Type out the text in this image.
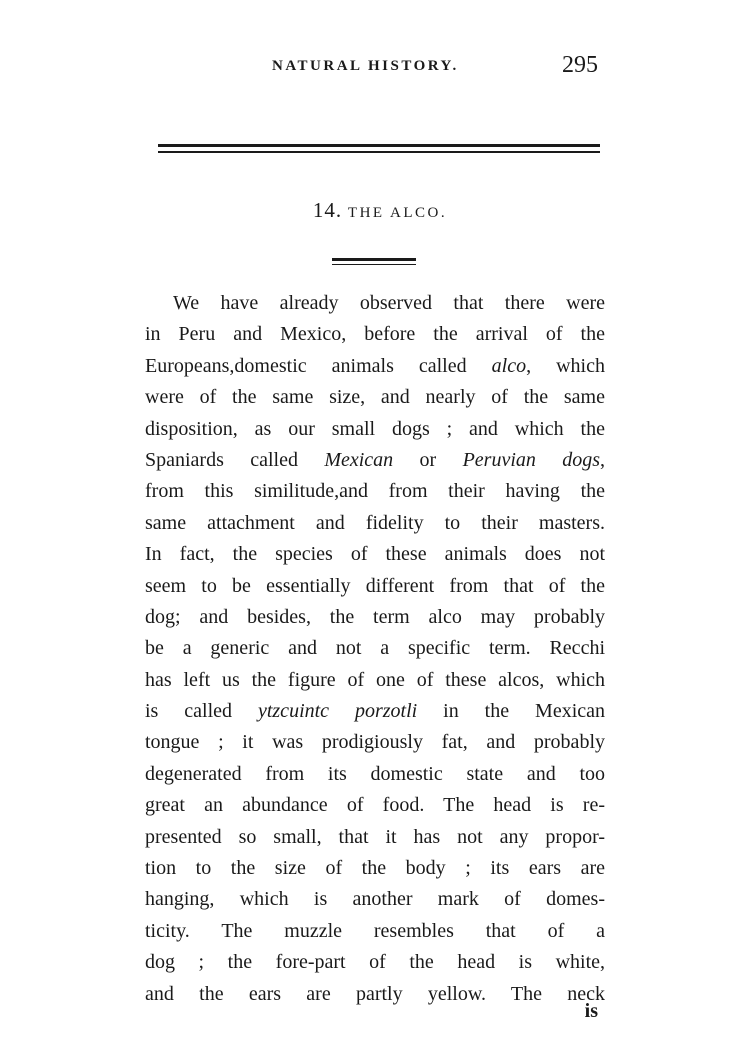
NATURAL HISTORY.	295
14. THE ALCO.
We have already observed that there were
in Peru and Mexico, before the arrival of the
Europeans,domestic animals called alco, which
were of the same size, and nearly of the same
disposition, as our small dogs ; and which the
Spaniards called Mexican or Peruvian dogs,
from this similitude,and from their having the
same attachment and fidelity to their masters.
In fact, the species of these animals does not
seem to be essentially different from that of the
dog; and besides, the term alco may probably
be a generic and not a specific term. Recchi
has left us the figure of one of these alcos, which
is called ytzcuintc porzotli in the Mexican
tongue ; it was prodigiously fat, and probably
degenerated from its domestic state and too
great an abundance of food. The head is re-
presented so small, that it has not any propor-
tion to the size of the body ; its ears are
hanging, which is another mark of domes-
ticity. The muzzle resembles that of a
dog ; the fore-part of the head is white,
and the ears are partly yellow. The neck
is
